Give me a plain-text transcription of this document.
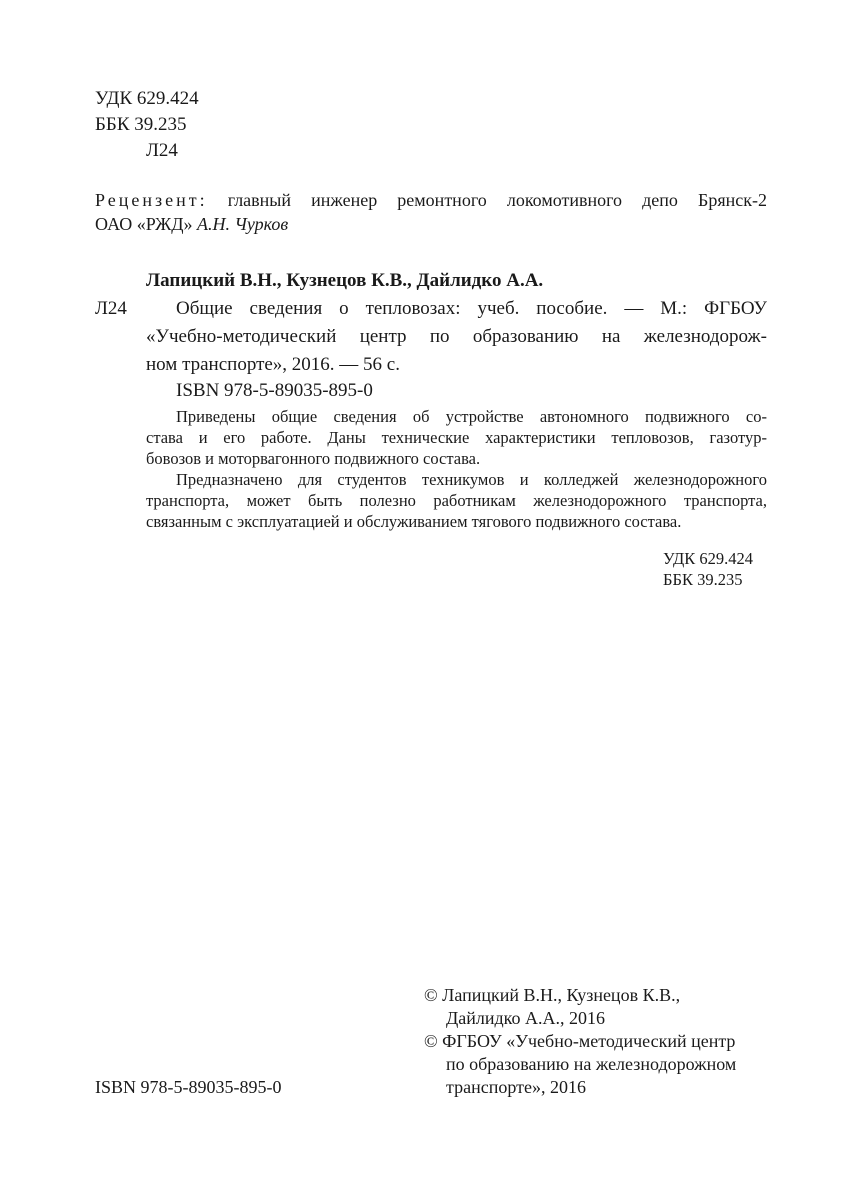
УДК 629.424
ББК 39.235
Л24
Рецензент: главный инженер ремонтного локомотивного депо Брянск-2
ОАО «РЖД» А.Н. Чурков
Лапицкий В.Н., Кузнецов К.В., Дайлидко А.А.
Л24	Общие сведения о тепловозах: учеб. пособие. — М.: ФГБОУ
«Учебно-методический центр по образованию на железнодорож-
ном транспорте», 2016. — 56 с.
ISBN 978-5-89035-895-0
Приведены общие сведения об устройстве автономного подвижного со-
става и его работе. Даны технические характеристики тепловозов, газотур-
бовозов и моторвагонного подвижного состава.
Предназначено для студентов техникумов и колледжей железнодорожного
транспорта, может быть полезно работникам железнодорожного транспорта,
связанным с эксплуатацией и обслуживанием тягового подвижного состава.
УДК 629.424
ББК 39.235
© Лапицкий В.Н., Кузнецов К.В.,
Дайлидко А.А., 2016
© ФГБОУ «Учебно-методический центр
по образованию на железнодорожном
транспорте», 2016
ISBN 978-5-89035-895-0
